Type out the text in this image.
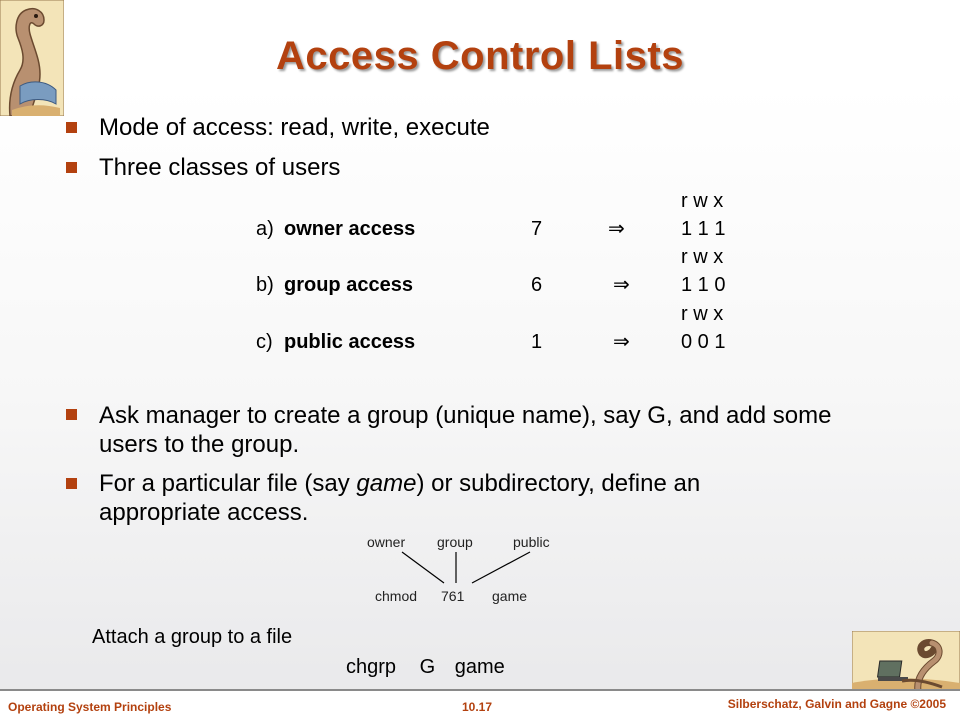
Access Control Lists
Mode of access: read, write, execute
Three classes of users
r w x
a) owner access	7	⇒	1 1 1
r w x
b) group access	6	⇒	1 1 0
r w x
c) public access	1	⇒	0 0 1
Ask manager to create a group (unique name), say G, and add some users to the group.
For a particular file (say game) or subdirectory, define an
appropriate access.
owner group	public
chmod 761 game
Attach a group to a file
chgrp G game
Operating System Principles	10.17	Silberschatz, Galvin and Gagne ©2005
